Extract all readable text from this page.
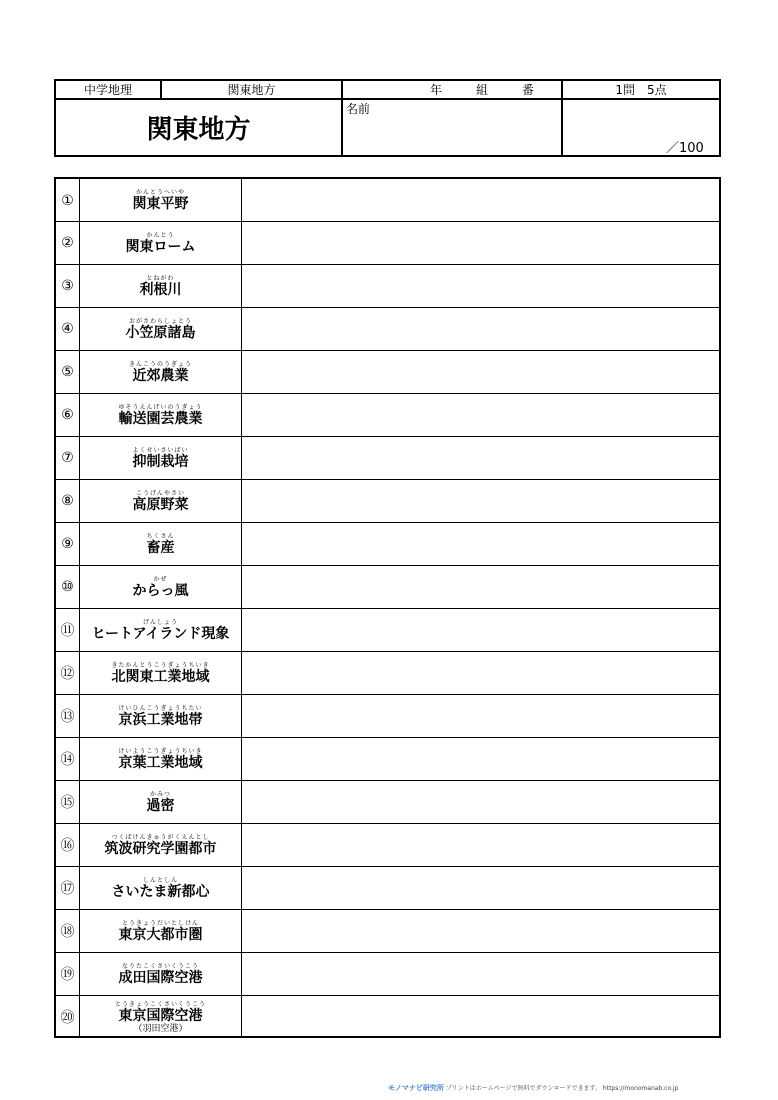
中学地理	関東地方	年	組	番	1問　5点
関東地方
名前
／100
①	かんとうへいや
関東平野
②	かんとう
関東ローム
③	とねがわ
利根川
④	おがさわらしょとう
小笠原諸島
⑤	きんこうのうぎょう
近郊農業
⑥	ゆそうえんげいのうぎょう
輸送園芸農業
⑦	よくせいさいばい
抑制栽培
⑧	こうげんやさい
高原野菜
⑨	ちくさん
畜産
⑩	かぜ
からっ風
⑪
げんしょう
ヒートアイランド現象
⑫
きたかんとうこうぎょうちいき
北関東工業地域
⑬
けいひんこうぎょうちたい
京浜工業地帯
⑭
けいようこうぎょうちいき
京葉工業地域
⑮
かみつ
過密
⑯
つくばけんきゅうがくえんとし
筑波研究学園都市
⑰
しんとしん
さいたま新都心
⑱
とうきょうだいとしけん
東京大都市圏
⑲
なりたこくさいくうこう
成田国際空港
⑳
とうきょうこくさいくうこう
東京国際空港
（羽田空港）
モノマナビ研究所 プリントはホームページで無料でダウンロードできます。 https://monomanab.co.jp
